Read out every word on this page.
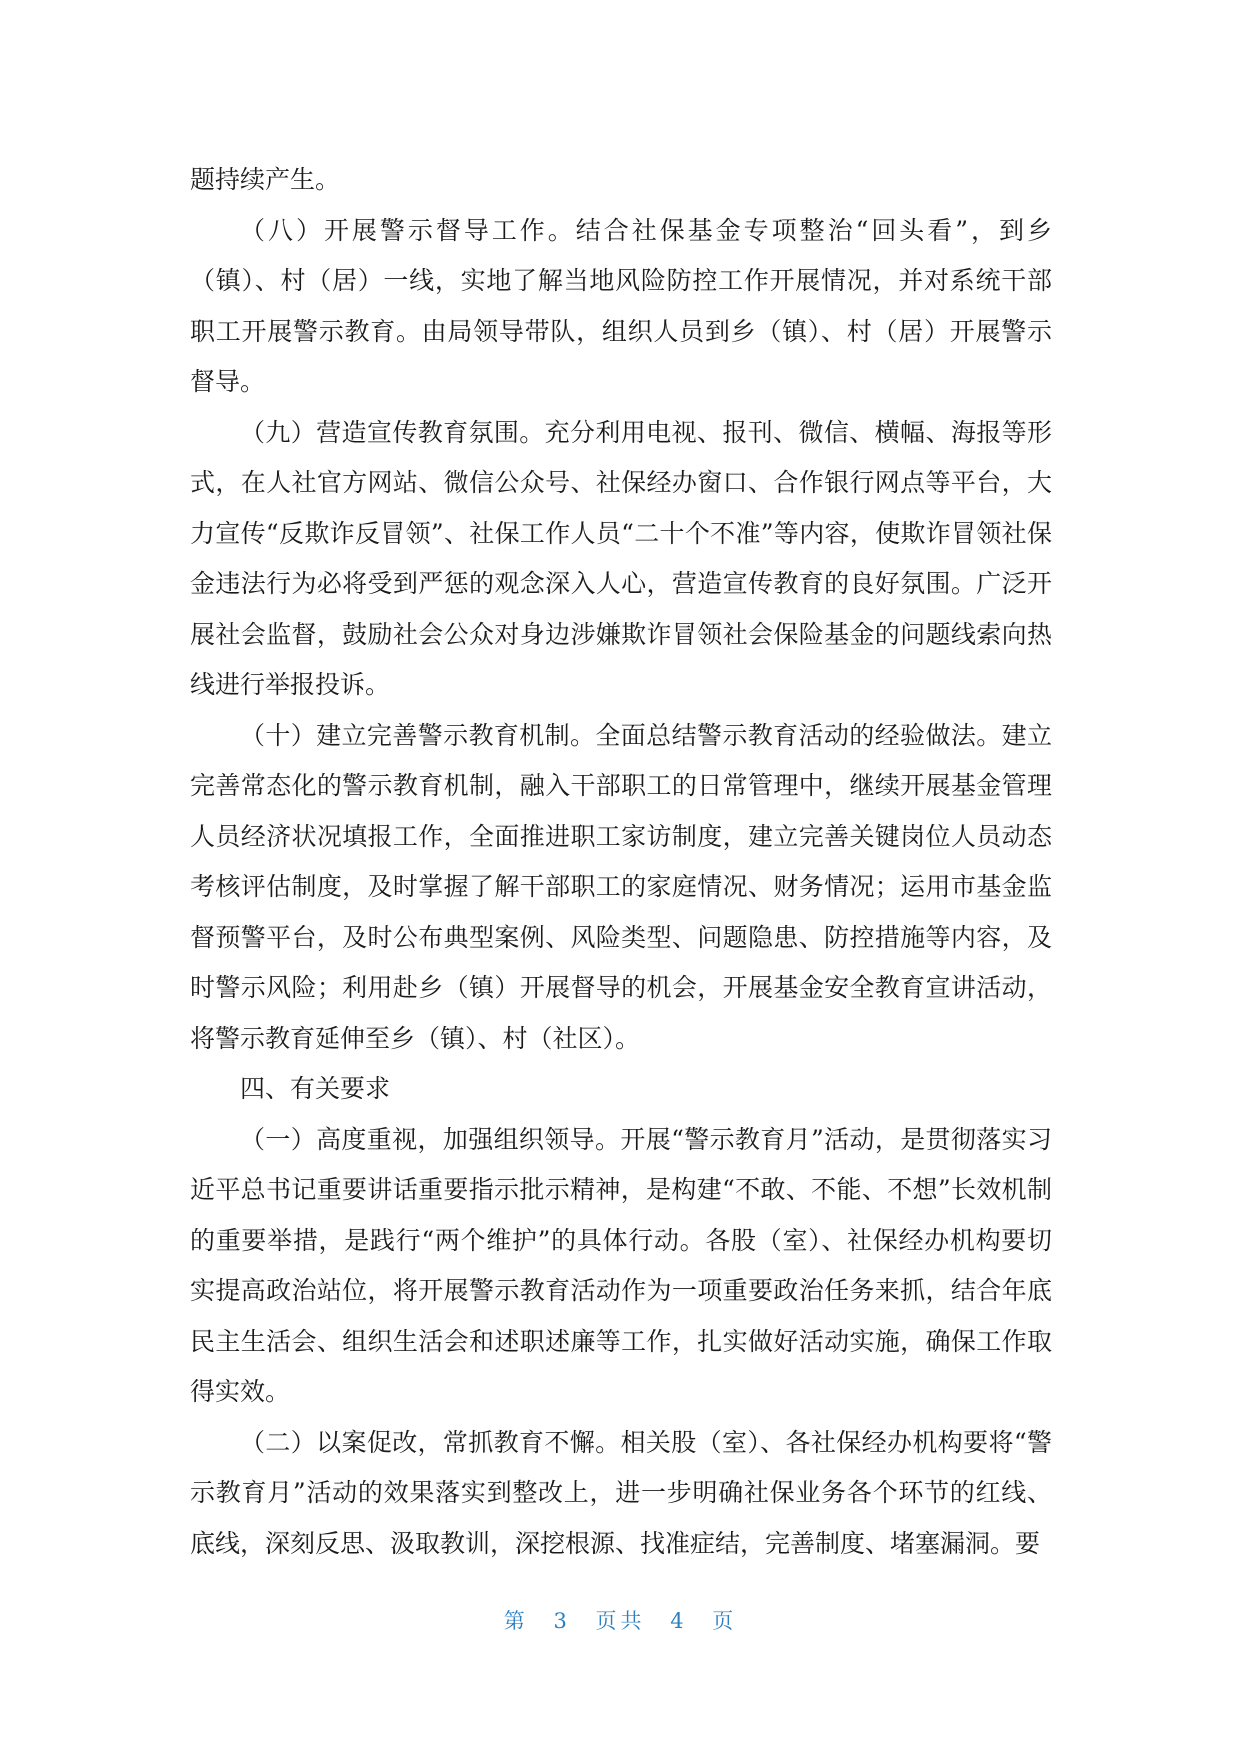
题持续产生。

（八）开展警示督导工作。结合社保基金专项整治“回头看”，到乡（镇）、村（居）一线，实地了解当地风险防控工作开展情况，并对系统干部职工开展警示教育。由局领导带队，组织人员到乡（镇）、村（居）开展警示督导。

（九）营造宣传教育氛围。充分利用电视、报刊、微信、横幅、海报等形式，在人社官方网站、微信公众号、社保经办窗口、合作银行网点等平台，大力宣传“反欺诈反冒领”、社保工作人员“二十个不准”等内容，使欺诈冒领社保金违法行为必将受到严惩的观念深入人心，营造宣传教育的良好氛围。广泛开展社会监督，鼓励社会公众对身边涉嫌欺诈冒领社会保险基金的问题线索向热线进行举报投诉。

（十）建立完善警示教育机制。全面总结警示教育活动的经验做法。建立完善常态化的警示教育机制，融入干部职工的日常管理中，继续开展基金管理人员经济状况填报工作，全面推进职工家访制度，建立完善关键岗位人员动态考核评估制度，及时掌握了解干部职工的家庭情况、财务情况；运用市基金监督预警平台，及时公布典型案例、风险类型、问题隐患、防控措施等内容，及时警示风险；利用赴乡（镇）开展督导的机会，开展基金安全教育宣讲活动，将警示教育延伸至乡（镇）、村（社区）。

四、有关要求

（一）高度重视，加强组织领导。开展“警示教育月”活动，是贯彻落实习近平总书记重要讲话重要指示批示精神，是构建“不敢、不能、不想”长效机制的重要举措，是践行“两个维护”的具体行动。各股（室）、社保经办机构要切实提高政治站位，将开展警示教育活动作为一项重要政治任务来抓，结合年底民主生活会、组织生活会和述职述廉等工作，扎实做好活动实施，确保工作取得实效。

（二）以案促改，常抓教育不懈。相关股（室）、各社保经办机构要将“警示教育月”活动的效果落实到整改上，进一步明确社保业务各个环节的红线、底线，深刻反思、汲取教训，深挖根源、找准症结，完善制度、堵塞漏洞。要

第 3 页共 4 页
